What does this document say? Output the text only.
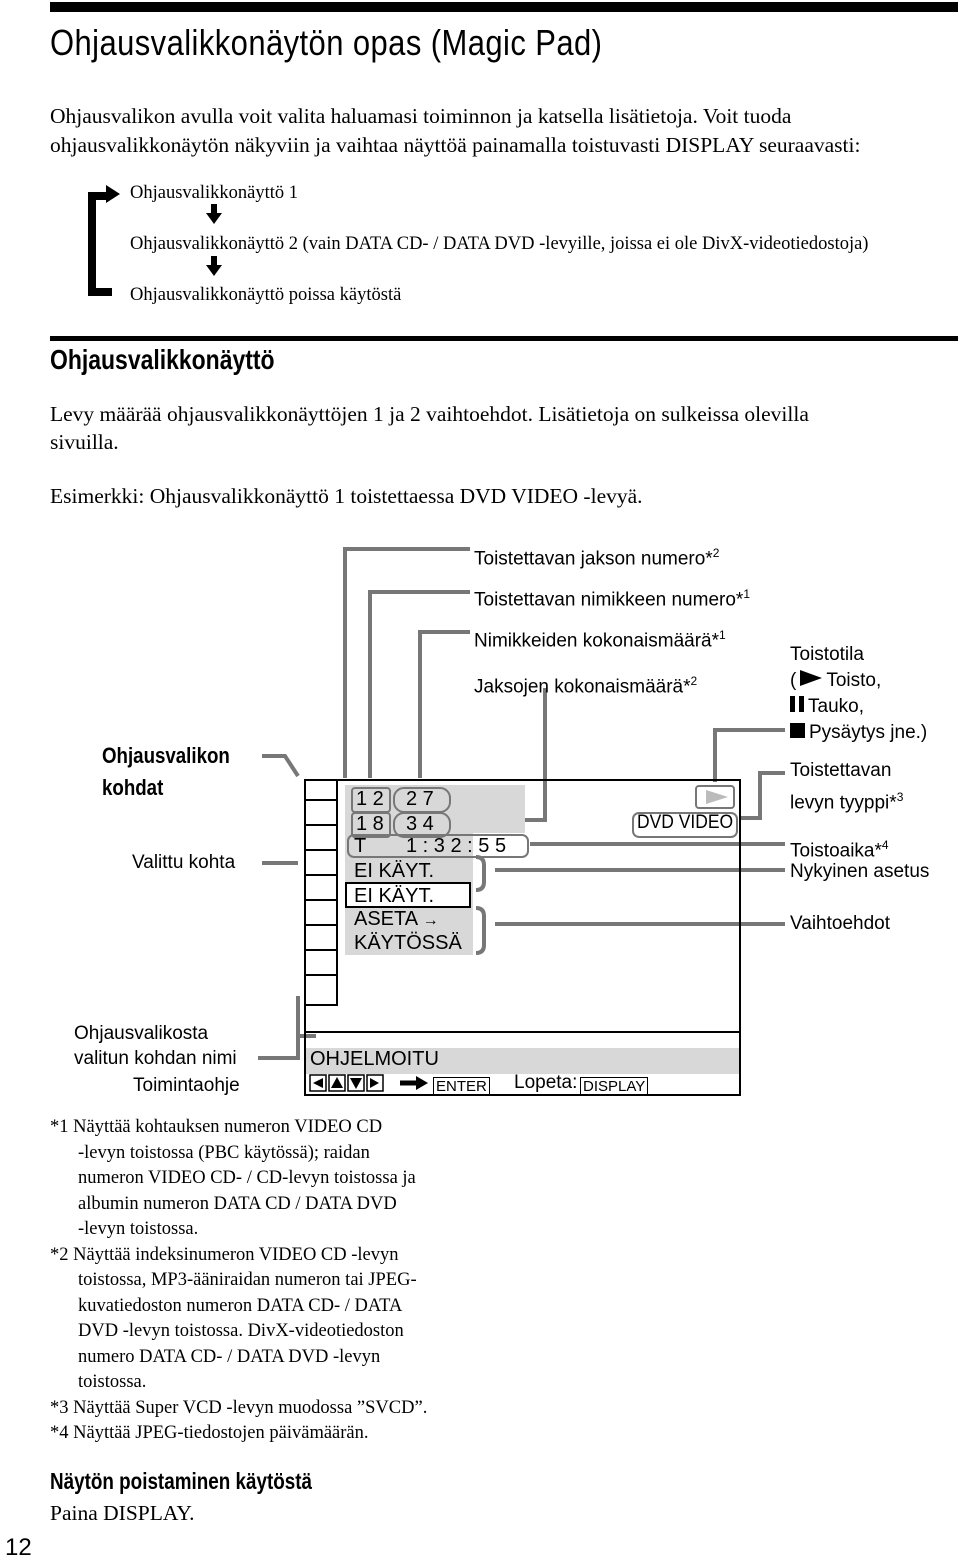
Ohjausvalikkonäytön opas (Magic Pad)
Ohjausvalikon avulla voit valita haluamasi toiminnon ja katsella lisätietoja. Voit tuoda
ohjausvalikkonäytön näkyviin ja vaihtaa näyttöä painamalla toistuvasti DISPLAY seuraavasti:
Ohjausvalikkonäyttö 1
Ohjausvalikkonäyttö 2 (vain DATA CD- / DATA DVD -levyille, joissa ei ole DivX-videotiedostoja)
Ohjausvalikkonäyttö poissa käytöstä
Ohjausvalikkonäyttö
Levy määrää ohjausvalikkonäyttöjen 1 ja 2 vaihtoehdot. Lisätietoja on sulkeissa olevilla
sivuilla.
Esimerkki: Ohjausvalikkonäyttö 1 toistettaessa DVD VIDEO -levyä.
Toistettavan jakson numero*$^2$
Toistettavan nimikkeen numero*$^1$
Nimikkeiden kokonaismäärä*$^1$
Jaksojen kokonaismäärä*$^2$
Toistotila
( Toisto,
Tauko,
Pysäytys jne.)
Toistettavan
levyn tyyppi*$^3$
Toistoaika*$^4$
Nykyinen asetus
Vaihtoehdot
Ohjausvalikon
kohdat
Valittu kohta
Ohjausvalikosta
valitun kohdan nimi
Toimintaohje
1 2 2 7
1 8 3 4
T 1 : 3 2 : 5 5
EI KÄYT.
EI KÄYT.
ASETA →
KÄYTÖSSÄ
DVD VIDEO
OHJELMOITU
ENTER Lopeta: DISPLAY
*1 Näyttää kohtauksen numeron VIDEO CD
-levyn toistossa (PBC käytössä); raidan
numeron VIDEO CD- / CD-levyn toistossa ja
albumin numeron DATA CD / DATA DVD
-levyn toistossa.
*2 Näyttää indeksinumeron VIDEO CD -levyn
toistossa, MP3-ääniraidan numeron tai JPEG-
kuvatiedoston numeron DATA CD- / DATA
DVD -levyn toistossa. DivX-videotiedoston
numero DATA CD- / DATA DVD -levyn
toistossa.
*3 Näyttää Super VCD -levyn muodossa ”SVCD”.
*4 Näyttää JPEG-tiedostojen päivämäärän.
Näytön poistaminen käytöstä
Paina DISPLAY.
12
